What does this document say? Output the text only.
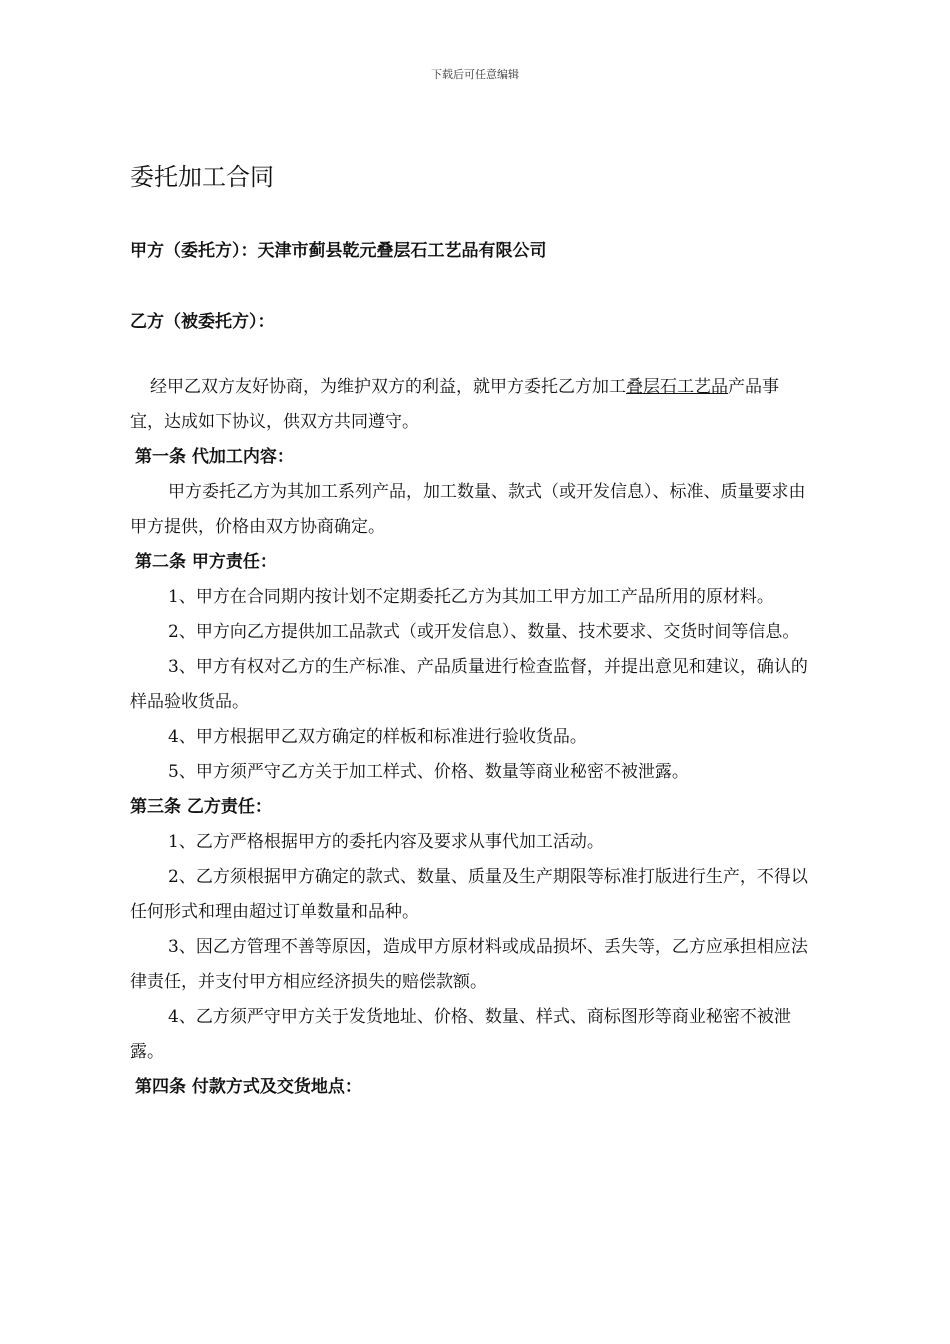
下载后可任意编辑
委托加工合同
甲方（委托方）：天津市蓟县乾元叠层石工艺品有限公司
乙方（被委托方）：

经甲乙双方友好协商，为维护双方的利益，就甲方委托乙方加工叠层石工艺品产品事宜，达成如下协议，供双方共同遵守。

第一条 代加工内容：

甲方委托乙方为其加工系列产品，加工数量、款式（或开发信息）、标准、质量要求由甲方提供，价格由双方协商确定。

第二条 甲方责任：

1、甲方在合同期内按计划不定期委托乙方为其加工甲方加工产品所用的原材料。

2、甲方向乙方提供加工品款式（或开发信息）、数量、技术要求、交货时间等信息。

3、甲方有权对乙方的生产标准、产品质量进行检查监督，并提出意见和建议，确认的样品验收货品。

4、甲方根据甲乙双方确定的样板和标准进行验收货品。

5、甲方须严守乙方关于加工样式、价格、数量等商业秘密不被泄露。

第三条 乙方责任：

1、乙方严格根据甲方的委托内容及要求从事代加工活动。

2、乙方须根据甲方确定的款式、数量、质量及生产期限等标准打版进行生产，不得以任何形式和理由超过订单数量和品种。

3、因乙方管理不善等原因，造成甲方原材料或成品损坏、丢失等，乙方应承担相应法律责任，并支付甲方相应经济损失的赔偿款额。

4、乙方须严守甲方关于发货地址、价格、数量、样式、商标图形等商业秘密不被泄露。

第四条 付款方式及交货地点：
